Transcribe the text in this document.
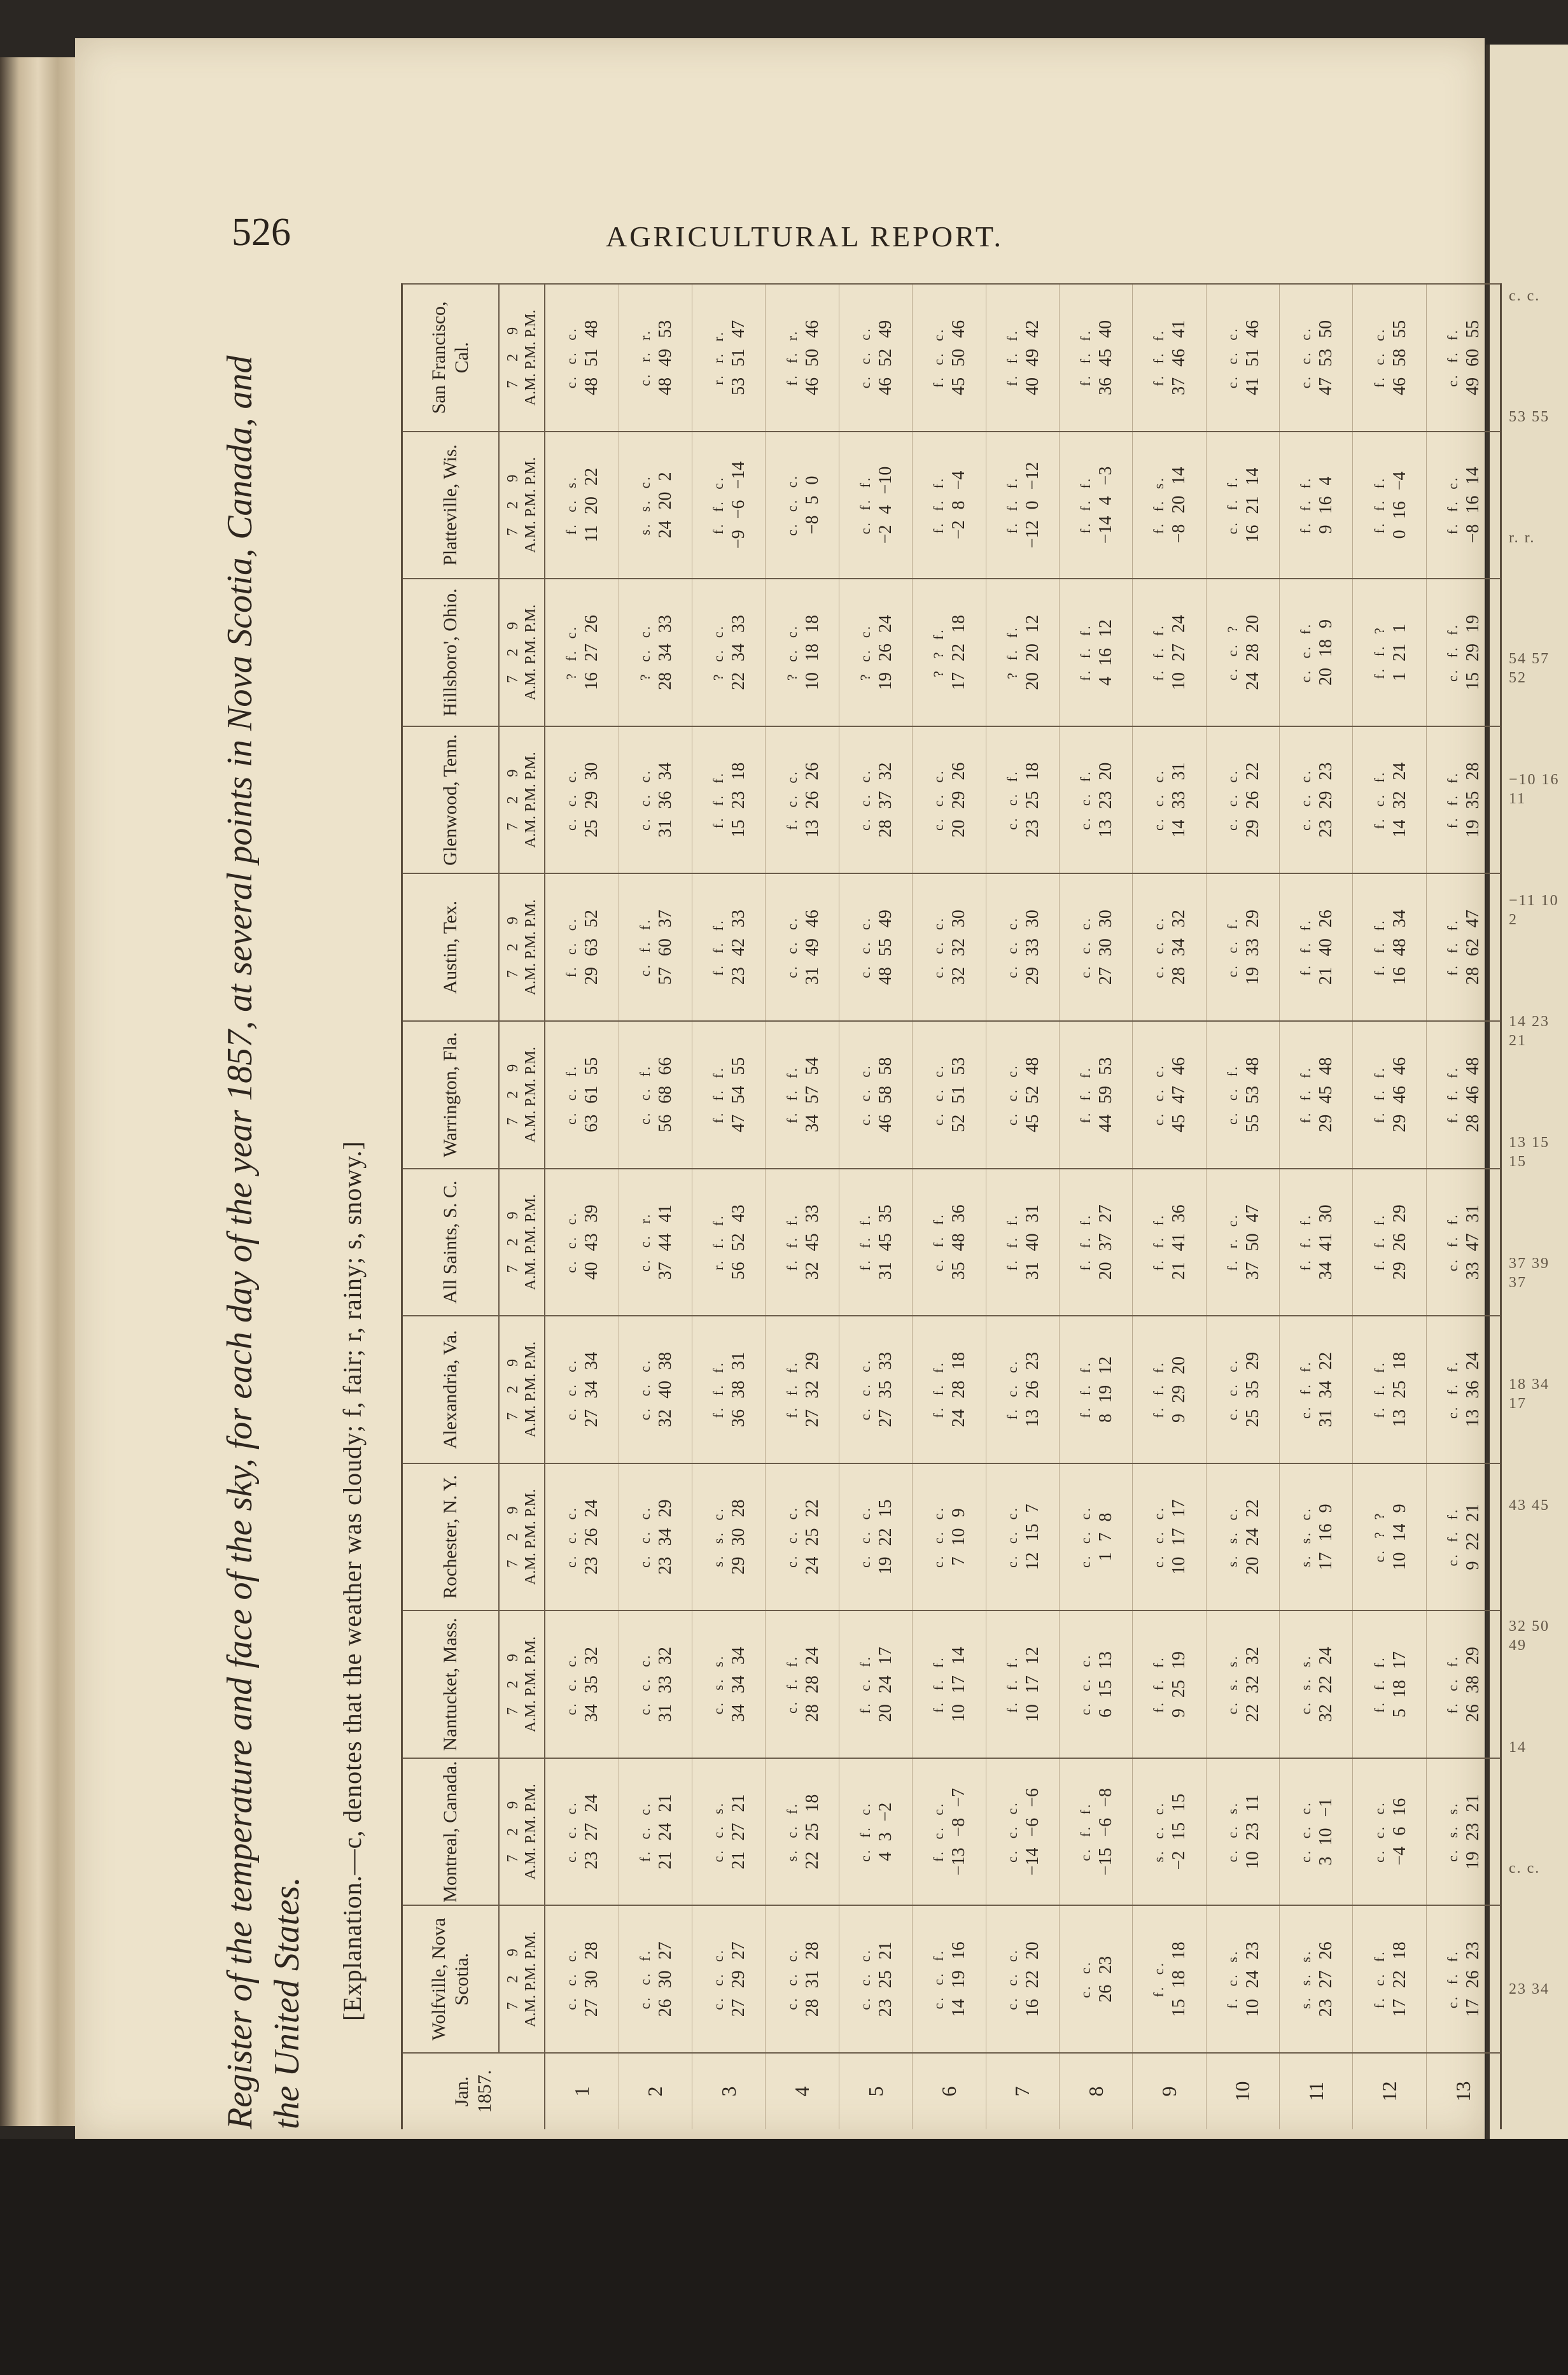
c. c.
53 55
r. r.
54 57 52
−10 16 11
−11 10 2
14 23 21
13 15 15
37 39 37
18 34 17
43 45
32 50 49
14
c. c.
23 34
526	AGRICULTURAL REPORT.
Register of the temperature and face of the sky, for each day of the year 1857, at several points in Nova Scotia, Canada, and the United States. [Explanation.—c, denotes that the weather was cloudy; f, fair; r, rainy; s, snowy.]
Jan. 1857.	Wolfville, Nova Scotia.	Montreal, Canada.	Nantucket, Mass.	Rochester, N. Y.	Alexandria, Va.	All Saints, S. C.	Warrington, Fla.	Austin, Tex.	Glenwood, Tenn.	Hillsboro', Ohio.	Platteville, Wis.	San Francisco, Cal.
	7     2     9
A.M. P.M. P.M.	7     2     9
A.M. P.M. P.M.	7     2     9
A.M. P.M. P.M.	7     2     9
A.M. P.M. P.M.	7     2     9
A.M. P.M. P.M.	7     2     9
A.M. P.M. P.M.	7     2     9
A.M. P.M. P.M.	7     2     9
A.M. P.M. P.M.	7     2     9
A.M. P.M. P.M.	7     2     9
A.M. P.M. P.M.	7     2     9
A.M. P.M. P.M.	7     2     9
A.M. P.M. P.M.
1	c. c. c. 27 30 28	c. c. c. 23 27 24	c. c. c. 34 35 32	c. c. c. 23 26 24	c. c. c. 27 34 34	c. c. c. 40 43 39	c. c. f. 63 61 55	f. c. c. 29 63 52	c. c. c. 25 29 30	? f. c. 16 27 26	f. c. s. 11 20 22	c. c. c. 48 51 48

2	c. c. f. 26 30 27	f. c. c. 21 24 21	c. c. c. 31 33 32	c. c. c. 23 34 29	c. c. c. 32 40 38	c. c. r. 37 44 41	c. c. f. 56 68 66	c. f. f. 57 60 37	c. c. c. 31 36 34	? c. c. 28 34 33	s. s. c. 24 20 2	c. r. r. 48 49 53

3	c. c. c. 27 29 27	c. c. s. 21 27 21	c. s. s. 34 34 34	s. s. c. 29 30 28	f. f. f. 36 38 31	r. f. f. 56 52 43	f. f. f. 47 54 55	f. f. f. 23 42 33	f. f. f. 15 23 18	? c. c. 22 34 33	f. f. c. −9 −6 −14	r. r. r. 53 51 47

4	c. c. c. 28 31 28	s. c. f. 22 25 18	c. f. f. 28 28 24	c. c. c. 24 25 22	f. f. f. 27 32 29	f. f. f. 32 45 33	f. f. f. 34 57 54	c. c. c. 31 49 46	f. c. c. 13 26 26	? c. c. 10 18 18	c. c. c. −8 5 0	f. f. r. 46 50 46

5	c. c. c. 23 25 21	c. f. c. 4 3 −2	f. c. f. 20 24 17	c. c. c. 19 22 15	c. c. c. 27 35 33	f. f. f. 31 45 35	c. c. c. 46 58 58	c. c. c. 48 55 49	c. c. c. 28 37 32	? c. c. 19 26 24	c. f. f. −2 4 −10	c. c. c. 46 52 49

6	c. c. f. 14 19 16	f. c. c. −13 −8 −7	f. f. f. 10 17 14	c. c. c. 7 10 9	f. f. f. 24 28 18	c. f. f. 35 48 36	c. c. c. 52 51 53	c. c. c. 32 32 30	c. c. c. 20 29 26	? ? f. 17 22 18	f. f. f. −2 8 −4	f. c. c. 45 50 46

7	c. c. c. 16 22 20	c. c. c. −14 −6 −6	f. f. f. 10 17 12	c. c. c. 12 15 7	f. c. c. 13 26 23	f. f. f. 31 40 31	c. c. c. 45 52 48	c. c. c. 29 33 30	c. c. f. 23 25 18	? f. f. 20 20 12	f. f. f. −12 0 −12	f. f. f. 40 49 42

8	c. c. 26 23	c. f. f. −15 −6 −8	c. c. c. 6 15 13	c. c. c. 1 7 8	f. f. f. 8 19 12	f. f. f. 20 37 27	f. f. f. 44 59 53	c. c. c. 27 30 30	c. c. f. 13 23 20	f. f. f. 4 16 12	f. f. f. −14 4 −3	f. f. f. 36 45 40

9	f. c. 15 18 18	s. c. c. −2 15 15	f. f. f. 9 25 19	c. c. c. 10 17 17	f. f. f. 9 29 20	f. f. f. 21 41 36	c. c. c. 45 47 46	c. c. c. 28 34 32	c. c. c. 14 33 31	f. f. f. 10 27 24	f. f. s. −8 20 14	f. f. f. 37 46 41

10	f. c. s. 10 24 23	c. c. s. 10 23 11	c. s. s. 22 32 32	s. s. c. 20 24 22	c. c. c. 25 35 29	f. r. c. 37 50 47	c. c. f. 55 53 48	c. c. f. 19 33 29	c. c. c. 29 26 22	c. c. ? 24 28 20	c. f. f. 16 21 14	c. c. c. 41 51 46

11	s. s. s. 23 27 26	c. c. c. 3 10 −1	c. s. s. 32 22 24	s. s. c. 17 16 9	c. f. f. 31 34 22	f. f. f. 34 41 30	f. f. f. 29 45 48	f. f. f. 21 40 26	c. c. c. 23 29 23	c. c. f. 20 18 9	f. f. f. 9 16 4	c. c. c. 47 53 50

12	f. c. f. 17 22 18	c. c. c. −4 6 16	f. f. f. 5 18 17	c. ? ? 10 14 9	f. f. f. 13 25 18	f. f. f. 29 26 29	f. f. f. 29 46 46	f. f. f. 16 48 34	f. c. f. 14 32 24	f. f. ? 1 21 1	f. f. f. 0 16 −4	f. c. c. 46 58 55

13	c. f. f. 17 26 23	c. s. s. 19 23 21	f. c. f. 26 38 29	c. f. f. 9 22 21	c. f. f. 13 36 24	c. f. f. 33 47 31	f. f. f. 28 46 48	f. f. f. 28 62 47	f. f. f. 19 35 28	c. f. f. 15 29 19	f. f. c. −8 16 14	c. f. f. 49 60 55
